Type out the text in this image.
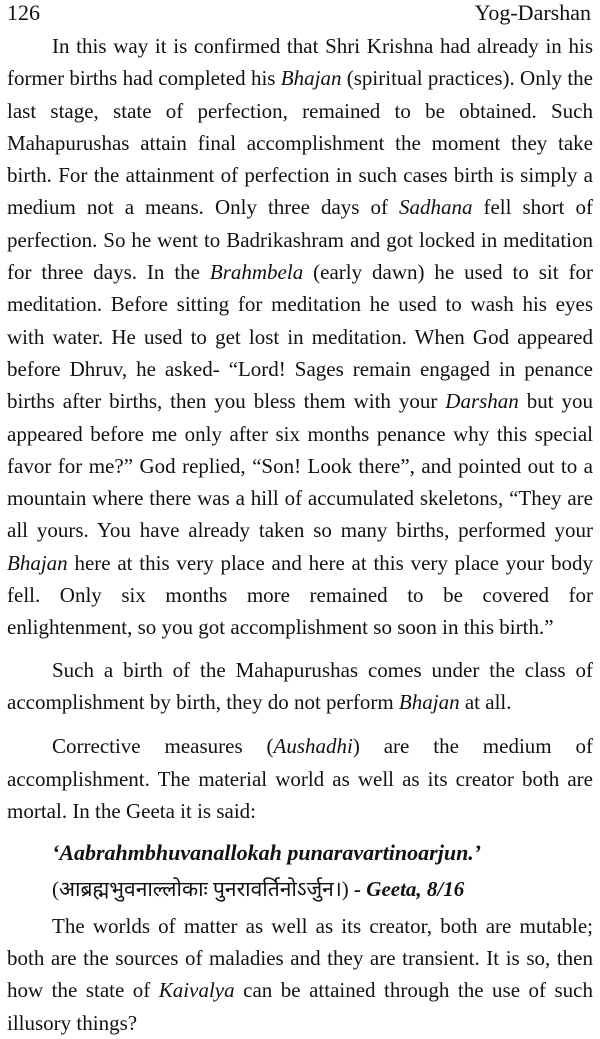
126	Yog-Darshan

In this way it is confirmed that Shri Krishna had already in his former births had completed his Bhajan (spiritual practices). Only the last stage, state of perfection, remained to be obtained. Such Mahapurushas attain final accomplishment the moment they take birth. For the attainment of perfection in such cases birth is simply a medium not a means. Only three days of Sadhana fell short of perfection. So he went to Badrikashram and got locked in meditation for three days. In the Brahmbela (early dawn) he used to sit for meditation. Before sitting for meditation he used to wash his eyes with water. He used to get lost in meditation. When God appeared before Dhruv, he asked- “Lord! Sages remain engaged in penance births after births, then you bless them with your Darshan but you appeared before me only after six months penance why this special favor for me?” God replied, “Son! Look there”, and pointed out to a mountain where there was a hill of accumulated skeletons, “They are all yours. You have already taken so many births, performed your Bhajan here at this very place and here at this very place your body fell. Only six months more remained to be covered for enlightenment, so you got accomplishment so soon in this birth.”

Such a birth of the Mahapurushas comes under the class of accomplishment by birth, they do not perform Bhajan at all.

Corrective measures (Aushadhi) are the medium of accomplishment. The material world as well as its creator both are mortal. In the Geeta it is said:

‘Aabrahmbhuvanallokah punaravartinoarjun.’

(आब्रह्मभुवनाल्लोकाः पुनरावर्तिनोऽर्जुन।) - Geeta, 8/16

The worlds of matter as well as its creator, both are mutable; both are the sources of maladies and they are transient. It is so, then how the state of Kaivalya can be attained through the use of such illusory things?
